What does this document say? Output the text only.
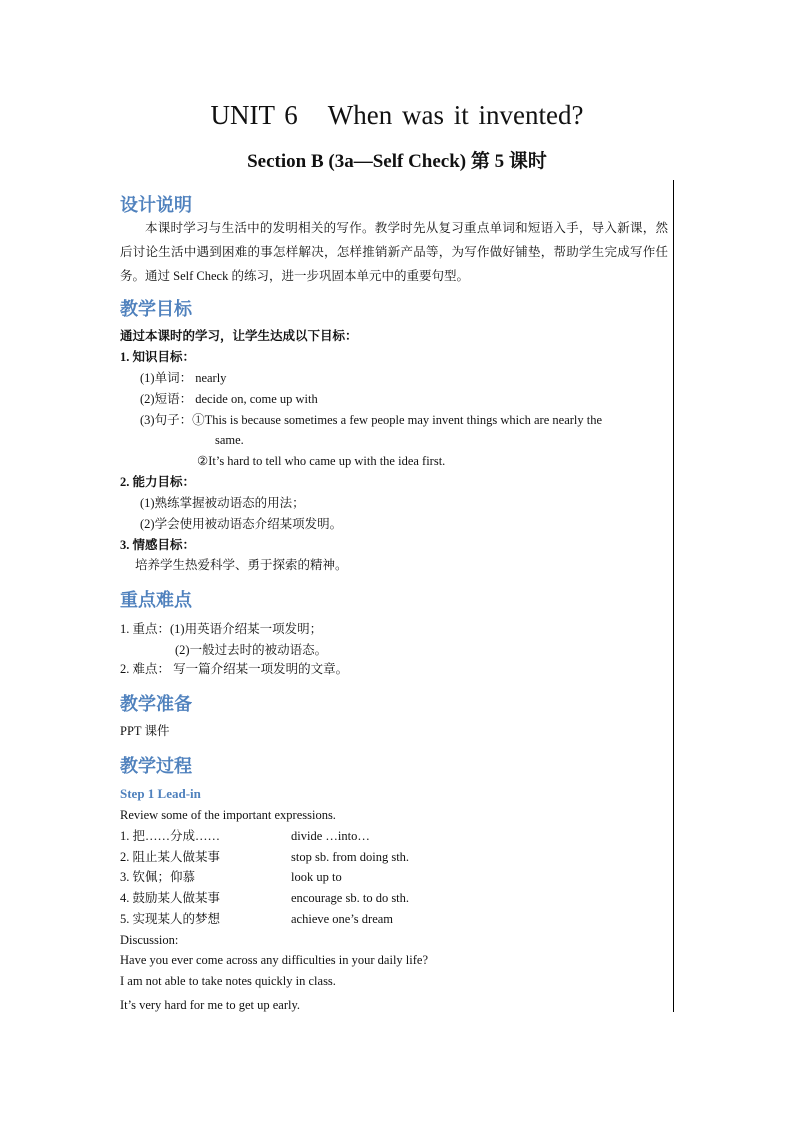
UNIT 6 When was it invented?
Section B (3a—Self Check) 第 5 课时
设计说明
本课时学习与生活中的发明相关的写作。教学时先从复习重点单词和短语入手，导入新课，然后讨论生活中遇到困难的事怎样解决，怎样推销新产品等，为写作做好铺垫，帮助学生完成写作任务。通过 Self Check 的练习，进一步巩固本单元中的重要句型。
教学目标
通过本课时的学习，让学生达成以下目标：
1. 知识目标：
(1)单词： nearly
(2)短语： decide on, come up with
(3)句子：①This is because sometimes a few people may invent things which are nearly the
same.
②It’s hard to tell who came up with the idea first.
2. 能力目标：
(1)熟练掌握被动语态的用法；
(2)学会使用被动语态介绍某项发明。
3. 情感目标：
培养学生热爱科学、勇于探索的精神。
重点难点
1. 重点：(1)用英语介绍某一项发明；
(2)一般过去时的被动语态。
2. 难点： 写一篇介绍某一项发明的文章。
教学准备
PPT 课件
教学过程
Step 1 Lead-in
Review some of the important expressions.
1. 把……分成……	divide …into…
2. 阻止某人做某事	stop sb. from doing sth.
3. 钦佩；仰慕	look up to
4. 鼓励某人做某事	encourage sb. to do sth.
5. 实现某人的梦想	achieve one’s dream
Discussion:
Have you ever come across any difficulties in your daily life?
I am not able to take notes quickly in class.
It’s very hard for me to get up early.
